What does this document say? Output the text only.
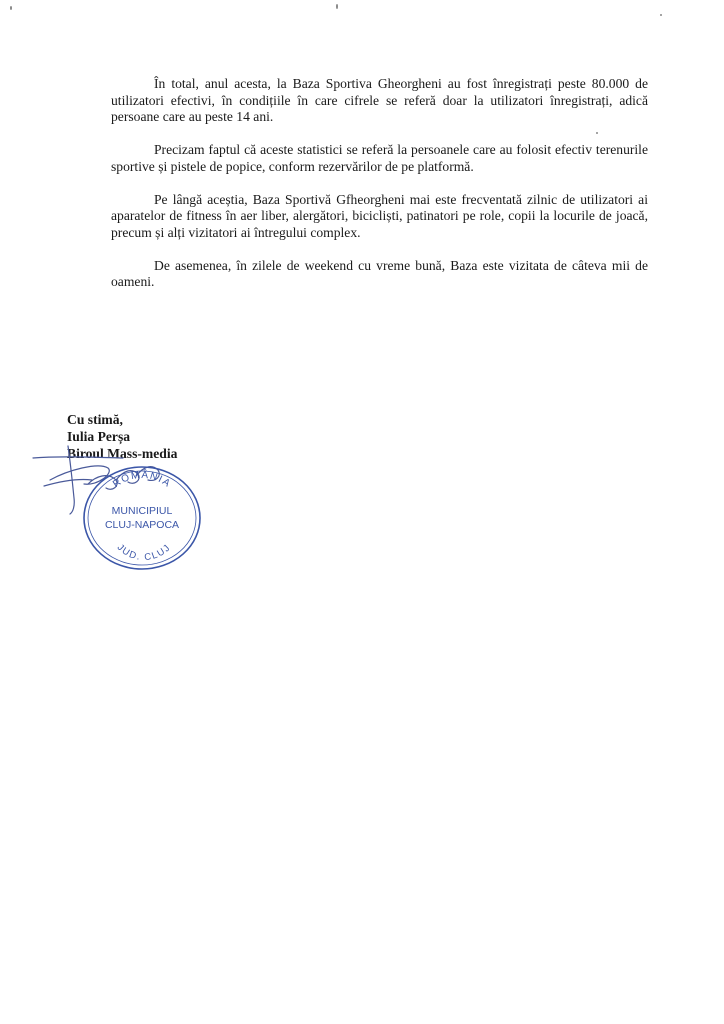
În total, anul acesta, la Baza Sportiva Gheorgheni au fost înregistrați peste 80.000 de utilizatori efectivi, în condițiile în care cifrele se referă doar la utilizatori înregistrați, adică persoane care au peste 14 ani.

Precizam faptul că aceste statistici se referă la persoanele care au folosit efectiv terenurile sportive și pistele de popice, conform rezervărilor de pe platformă.

Pe lângă aceștia, Baza Sportivă Gfheorgheni mai este frecventată zilnic de utilizatori ai aparatelor de fitness în aer liber, alergători, bicicliști, patinatori pe role, copii la locurile de joacă, precum și alți vizitatori ai întregului complex.

De asemenea, în zilele de weekend cu vreme bună, Baza este vizitata de câteva mii de oameni.

Cu stimă,
Iulia Perșa
Biroul Mass-media
ROMÂNIA
MUNICIPIUL
CLUJ-NAPOCA
JUD. CLUJ
